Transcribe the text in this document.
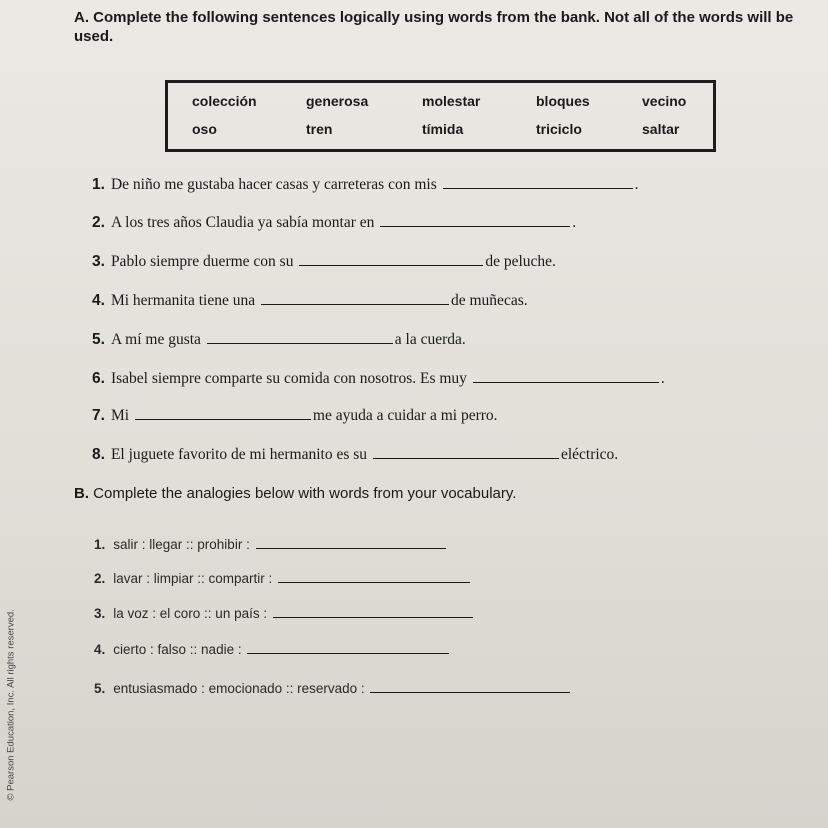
A. Complete the following sentences logically using words from the bank. Not all of the words will be used.
colección	generosa	molestar	bloques	vecino
oso	tren	tímida	triciclo	saltar
1. De niño me gustaba hacer casas y carreteras con mis	.
2. A los tres años Claudia ya sabía montar en	.
3. Pablo siempre duerme con su	de peluche.
4. Mi hermanita tiene una	de muñecas.
5. A mí me gusta	a la cuerda.
6. Isabel siempre comparte su comida con nosotros. Es muy	.
7. Mi	me ayuda a cuidar a mi perro.
8. El juguete favorito de mi hermanito es su	eléctrico.
B. Complete the analogies below with words from your vocabulary.
1. salir : llegar :: prohibir :
2. lavar : limpiar :: compartir :
3. la voz : el coro :: un país :
4. cierto : falso :: nadie :
5. entusiasmado : emocionado :: reservado :
© Pearson Education, Inc. All rights reserved.
